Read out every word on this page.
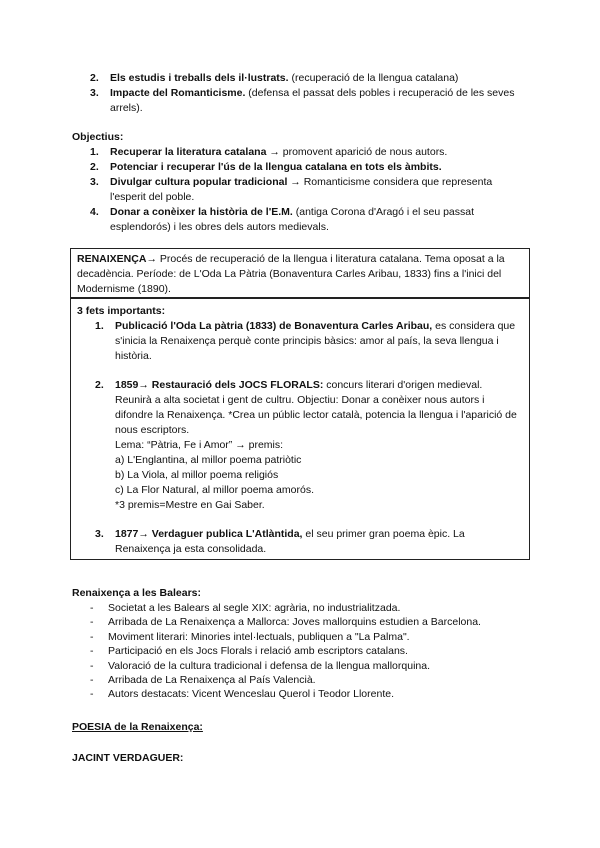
2. Els estudis i treballs dels il·lustrats. (recuperació de la llengua catalana)
3. Impacte del Romanticisme. (defensa el passat dels pobles i recuperació de les seves arrels).
Objectius:
1. Recuperar la literatura catalana → promovent aparició de nous autors.
2. Potenciar i recuperar l'ús de la llengua catalana en tots els àmbits.
3. Divulgar cultura popular tradicional → Romanticisme considera que representa l'esperit del poble.
4. Donar a conèixer la història de l'E.M. (antiga Corona d'Aragó i el seu passat esplendorós) i les obres dels autors medievals.
RENAIXENÇA→ Procés de recuperació de la llengua i literatura catalana. Tema oposat a la decadència. Període: de L'Oda La Pàtria (Bonaventura Carles Aribau, 1833) fins a l'inici del Modernisme (1890).
3 fets importants:
1. Publicació l'Oda La pàtria (1833) de Bonaventura Carles Aribau, es considera que s'inicia la Renaixença perquè conte principis bàsics: amor al país, la seva llengua i història.
2. 1859→ Restauració dels JOCS FLORALS: concurs literari d'origen medieval. Reunirà a alta societat i gent de cultru. Objectiu: Donar a conèixer nous autors i difondre la Renaixença. *Crea un públic lector català, potencia la llengua i l'aparició de nous escriptors.
Lema: “Pàtria, Fe i Amor” → premis:
a) L'Englantina, al millor poema patriòtic
b) La Viola, al millor poema religiós
c) La Flor Natural, al millor poema amorós.
*3 premis=Mestre en Gai Saber.
3. 1877→ Verdaguer publica L'Atlàntida, el seu primer gran poema èpic. La Renaixença ja esta consolidada.
Renaixença a les Balears:
- Societat a les Balears al segle XIX: agrària, no industrialitzada.
- Arribada de La Renaixença a Mallorca: Joves mallorquins estudien a Barcelona.
- Moviment literari: Minories intel·lectuals, publiquen a "La Palma".
- Participació en els Jocs Florals i relació amb escriptors catalans.
- Valoració de la cultura tradicional i defensa de la llengua mallorquina.
- Arribada de La Renaixença al País Valencià.
- Autors destacats: Vicent Wenceslau Querol i Teodor Llorente.
POESIA de la Renaixença:
JACINT VERDAGUER:
